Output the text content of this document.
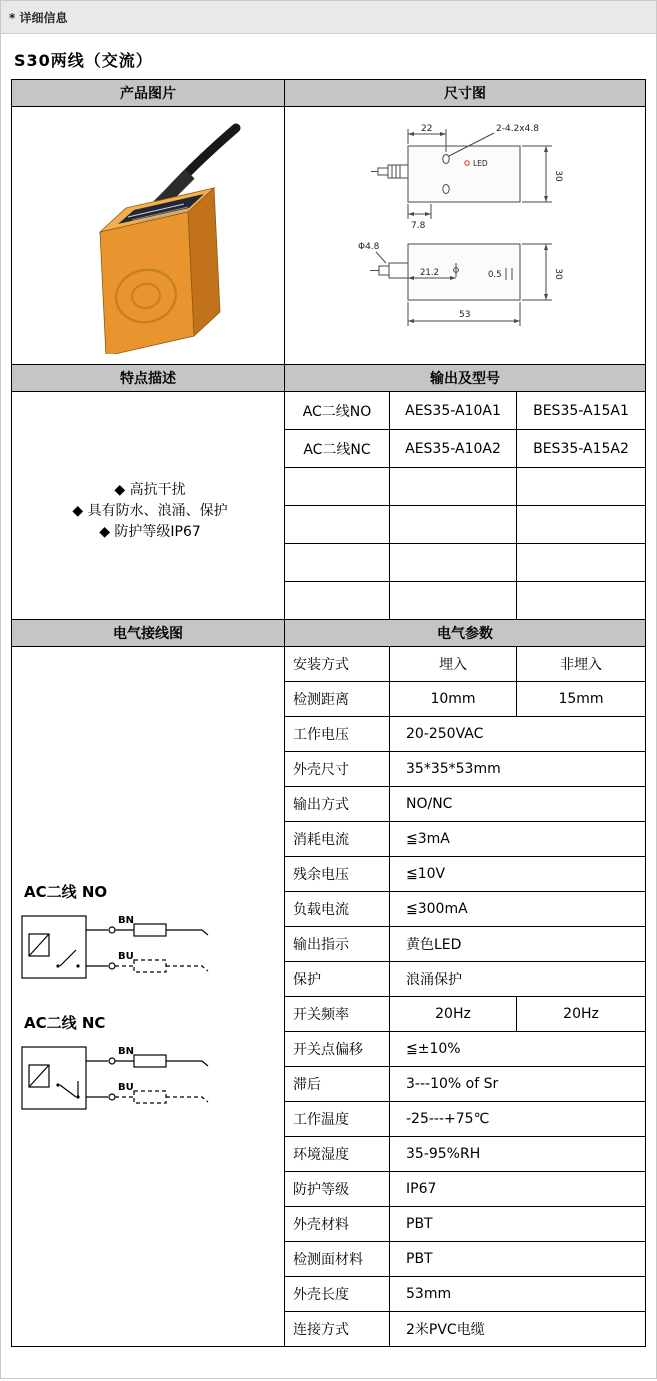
* 详细信息
S30两线（交流）
产品图片	尺寸图		

22	2-4.2x4.8
LED
30
7.8
Φ4.8
21.2	0.5	30
53

特点描述	输出及型号		

◆ 高抗干扰
◆ 具有防水、浪涌、保护
◆ 防护等级IP67	AC二线NO	AES35-A10A1	BES35-A15A1
	AC二线NC	AES35-A10A2	BES35-A15A2

电气接线图	电气参数		

AC二线 NO
BN
BU
AC二线 NC
BN
BU
	安装方式	埋入	非埋入
	检测距离	10mm	15mm
	工作电压	20-250VAC	
	外壳尺寸	35*35*53mm	
	输出方式	NO/NC	
	消耗电流	≦3mA	
	残余电压	≦10V	
	负载电流	≦300mA	
	输出指示	黄色LED	
	保护	浪涌保护	
	开关频率	20Hz	20Hz
	开关点偏移	≦±10%	
	滞后	3---10% of Sr	
	工作温度	-25---+75℃	
	环境湿度	35-95%RH	
	防护等级	IP67	
	外壳材料	PBT	
	检测面材料	PBT	
	外壳长度	53mm	
	连接方式	2米PVC电缆	
